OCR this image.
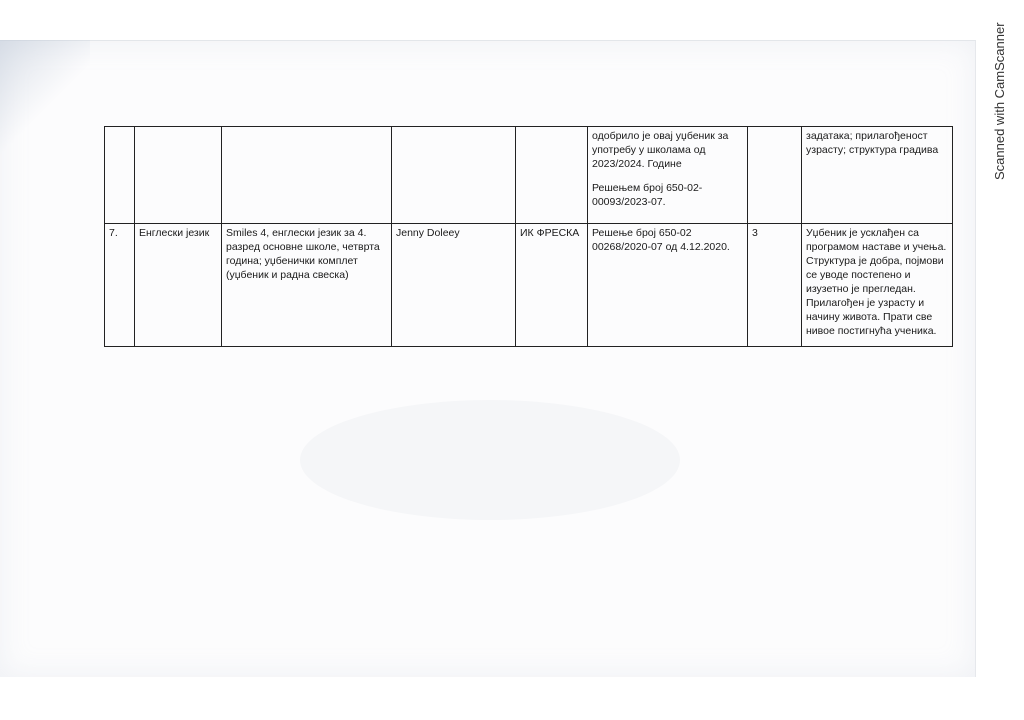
					одобрило је овај уџбеник за употребу у школама од 2023/2024. Године
Решењем број 650-02-00093/2023-07.		задатака; прилагођеност узрасту; структура градива
7.	Енглески језик	Smiles 4, енглески језик за 4. разред основне школе, четврта година; уџбенички комплет (уџбеник и радна свеска)	Jenny Doleey	ИК ФРЕСКА	Решење број 650-02 00268/2020-07 од 4.12.2020.	3	Уџбеник је усклађен са програмом наставе и учења. Структура је добра, појмови се уводе постепено и изузетно је прегледан. Прилагођен је узрасту и начину живота. Прати све нивое постигнућа ученика.
Scanned with CamScanner
